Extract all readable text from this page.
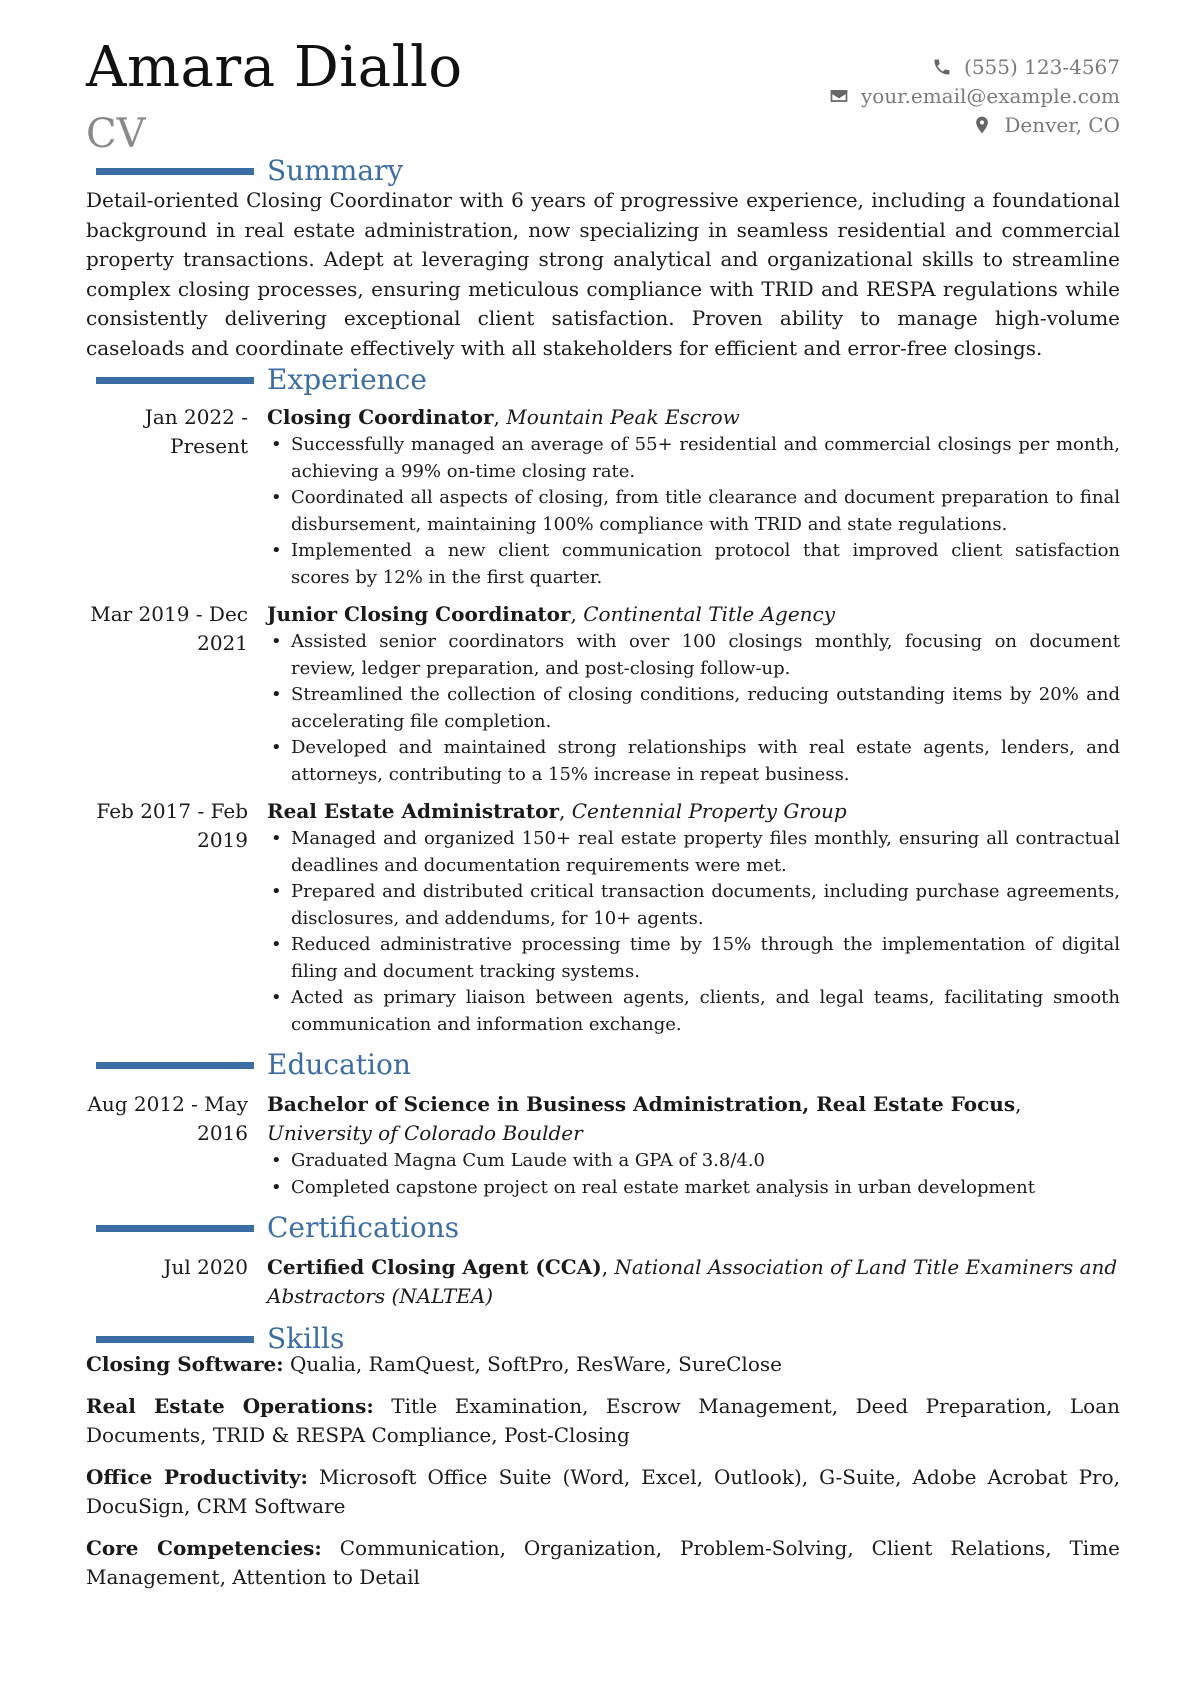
Amara Diallo
CV
(555) 123-4567
your.email@example.com
Denver, CO
Summary
Detail-oriented Closing Coordinator with 6 years of progressive experience, including a foundational background in real estate administration, now specializing in seamless residential and commercial property transactions. Adept at leveraging strong analytical and organizational skills to streamline complex closing processes, ensuring meticulous compliance with TRID and RESPA regulations while consistently delivering exceptional client satisfaction. Proven ability to manage high-volume caseloads and coordinate effectively with all stakeholders for efficient and error-free closings.
Experience
Jan 2022 - Present
Closing Coordinator, Mountain Peak Escrow
• Successfully managed an average of 55+ residential and commercial closings per month, achieving a 99% on-time closing rate.
• Coordinated all aspects of closing, from title clearance and document preparation to final disbursement, maintaining 100% compliance with TRID and state regulations.
• Implemented a new client communication protocol that improved client satisfaction scores by 12% in the first quarter.
Mar 2019 - Dec 2021
Junior Closing Coordinator, Continental Title Agency
• Assisted senior coordinators with over 100 closings monthly, focusing on document review, ledger preparation, and post-closing follow-up.
• Streamlined the collection of closing conditions, reducing outstanding items by 20% and accelerating file completion.
• Developed and maintained strong relationships with real estate agents, lenders, and attorneys, contributing to a 15% increase in repeat business.
Feb 2017 - Feb 2019
Real Estate Administrator, Centennial Property Group
• Managed and organized 150+ real estate property files monthly, ensuring all contractual deadlines and documentation requirements were met.
• Prepared and distributed critical transaction documents, including purchase agreements, disclosures, and addendums, for 10+ agents.
• Reduced administrative processing time by 15% through the implementation of digital filing and document tracking systems.
• Acted as primary liaison between agents, clients, and legal teams, facilitating smooth communication and information exchange.
Education
Aug 2012 - May 2016
Bachelor of Science in Business Administration, Real Estate Focus, University of Colorado Boulder
• Graduated Magna Cum Laude with a GPA of 3.8/4.0
• Completed capstone project on real estate market analysis in urban development
Certifications
Jul 2020 Certified Closing Agent (CCA), National Association of Land Title Examiners and Abstractors (NALTEA)
Skills
Closing Software: Qualia, RamQuest, SoftPro, ResWare, SureClose
Real Estate Operations: Title Examination, Escrow Management, Deed Preparation, Loan Documents, TRID & RESPA Compliance, Post-Closing
Office Productivity: Microsoft Office Suite (Word, Excel, Outlook), G-Suite, Adobe Acrobat Pro, DocuSign, CRM Software
Core Competencies: Communication, Organization, Problem-Solving, Client Relations, Time Management, Attention to Detail
